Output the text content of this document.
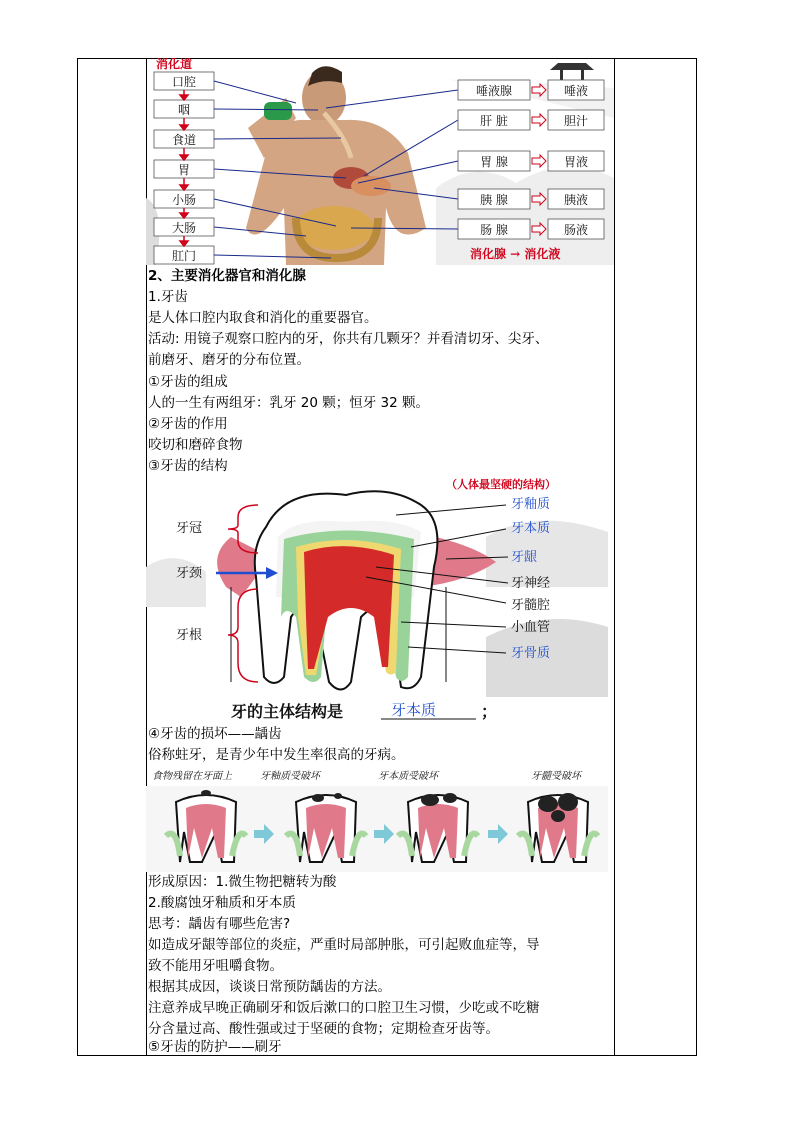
消化道
口腔
咽
食道
胃
小肠
大肠
肛门
唾液腺
肝 脏
胃 腺
胰 腺
肠 腺
唾液
胆汁
胃液
胰液
肠液
消化腺 → 消化液
2、主要消化器官和消化腺
1.牙齿
是人体口腔内取食和消化的重要器官。
活动: 用镜子观察口腔内的牙，你共有几颗牙？并看清切牙、尖牙、
前磨牙、磨牙的分布位置。
①牙齿的组成
人的一生有两组牙：乳牙 20 颗；恒牙 32 颗。
②牙齿的作用
咬切和磨碎食物
③牙齿的结构
（人体最坚硬的结构）
牙冠
牙颈
牙根
牙釉质
牙本质
牙龈
牙神经
牙髓腔
小血管
牙骨质
牙的主体结构是	牙本质	；
④牙齿的损坏——龋齿
俗称蛀牙，是青少年中发生率很高的牙病。
食物残留在牙面上	牙釉质受破坏	牙本质受破坏	牙髓受破坏
形成原因：1.微生物把糖转为酸
2.酸腐蚀牙釉质和牙本质
思考：龋齿有哪些危害?
如造成牙龈等部位的炎症，严重时局部肿胀，可引起败血症等，导
致不能用牙咀嚼食物。
根据其成因，谈谈日常预防龋齿的方法。
注意养成早晚正确刷牙和饭后漱口的口腔卫生习惯，少吃或不吃糖
分含量过高、酸性强或过于坚硬的食物；定期检查牙齿等。
⑤牙齿的防护——刷牙
